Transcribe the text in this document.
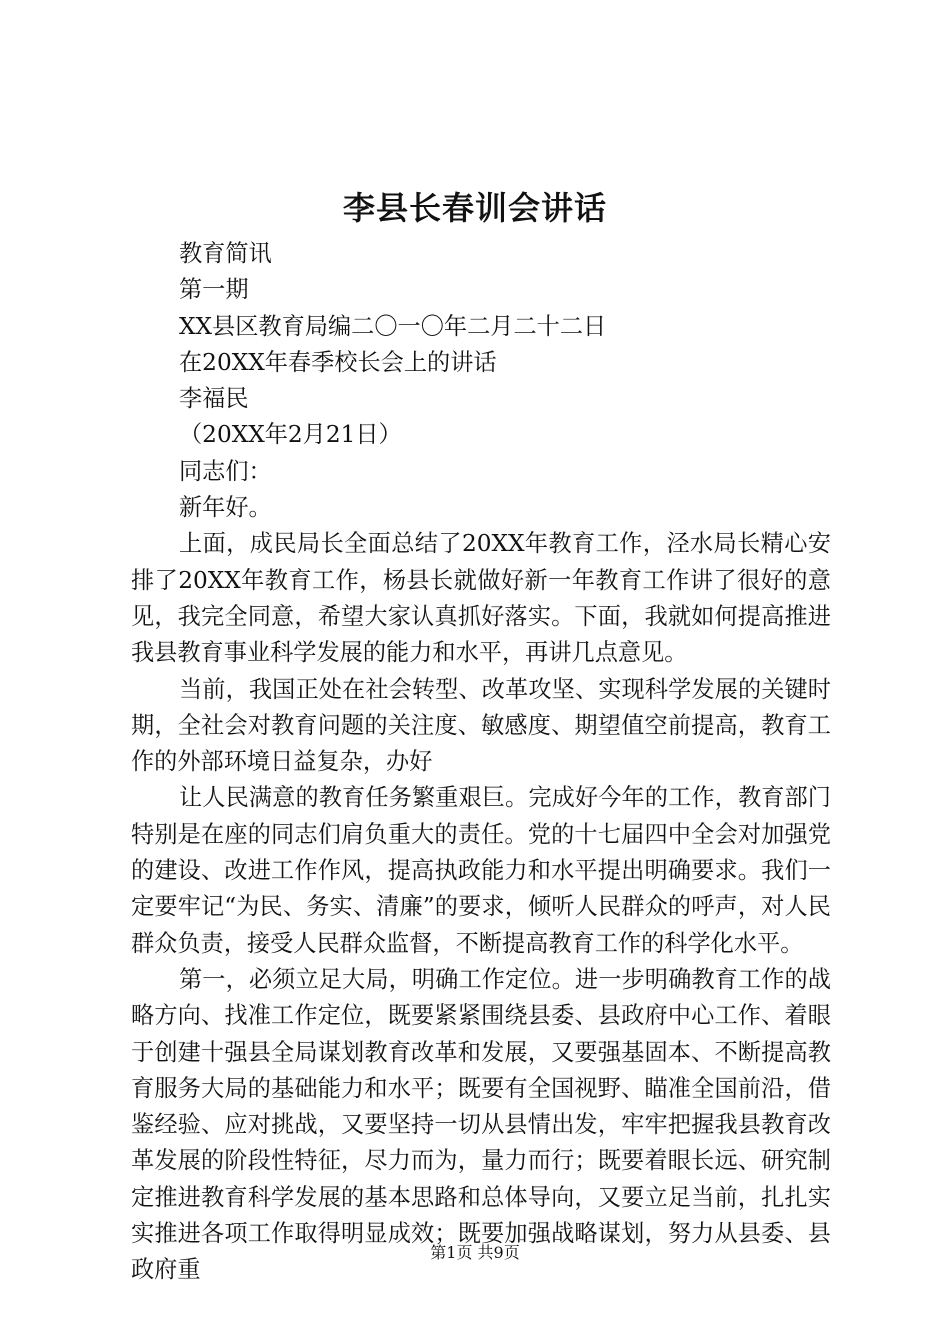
李县长春训会讲话

教育简讯

第一期

XX县区教育局编二〇一〇年二月二十二日

在20XX年春季校长会上的讲话

李福民

（20XX年2月21日）

同志们：

新年好。

上面，成民局长全面总结了20XX年教育工作，泾水局长精心安排了20XX年教育工作，杨县长就做好新一年教育工作讲了很好的意见，我完全同意，希望大家认真抓好落实。下面，我就如何提高推进我县教育事业科学发展的能力和水平，再讲几点意见。

当前，我国正处在社会转型、改革攻坚、实现科学发展的关键时期，全社会对教育问题的关注度、敏感度、期望值空前提高，教育工作的外部环境日益复杂，办好

让人民满意的教育任务繁重艰巨。完成好今年的工作，教育部门特别是在座的同志们肩负重大的责任。党的十七届四中全会对加强党的建设、改进工作作风，提高执政能力和水平提出明确要求。我们一定要牢记“为民、务实、清廉”的要求，倾听人民群众的呼声，对人民群众负责，接受人民群众监督，不断提高教育工作的科学化水平。

第一，必须立足大局，明确工作定位。进一步明确教育工作的战略方向、找准工作定位，既要紧紧围绕县委、县政府中心工作、着眼于创建十强县全局谋划教育改革和发展，又要强基固本、不断提高教育服务大局的基础能力和水平；既要有全国视野、瞄准全国前沿，借鉴经验、应对挑战，又要坚持一切从县情出发，牢牢把握我县教育改革发展的阶段性特征，尽力而为，量力而行；既要着眼长远、研究制定推进教育科学发展的基本思路和总体导向，又要立足当前，扎扎实实推进各项工作取得明显成效；既要加强战略谋划，努力从县委、县政府重

第1页 共9页
